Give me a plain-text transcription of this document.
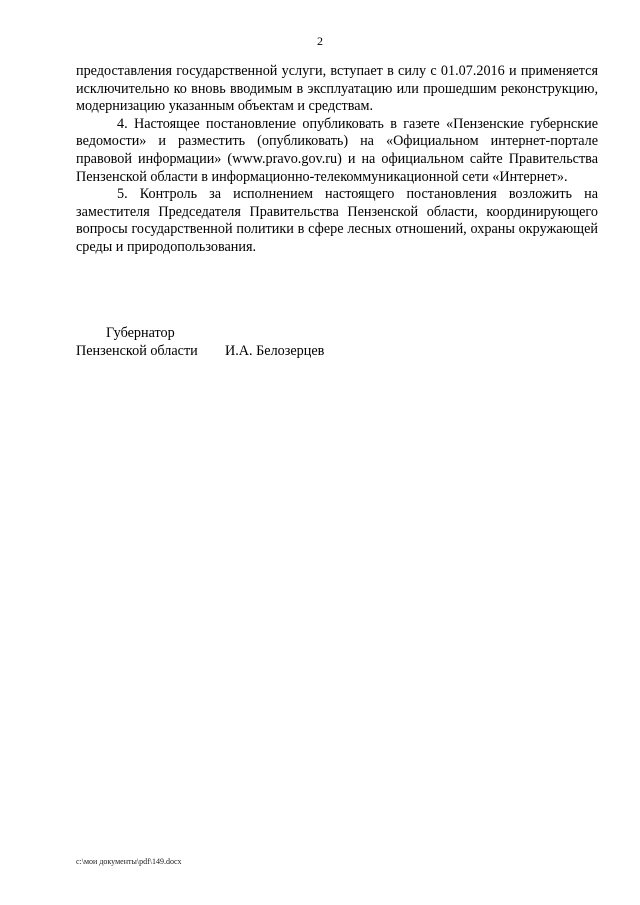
2

предоставления государственной услуги, вступает в силу с 01.07.2016 и применяется исключительно ко вновь вводимым в эксплуатацию или прошедшим реконструкцию, модернизацию указанным объектам и средствам.

4. Настоящее постановление опубликовать в газете «Пензенские губернские ведомости» и разместить (опубликовать) на «Официальном интернет-портале правовой информации» (www.pravo.gov.ru) и на официальном сайте Правительства Пензенской области в информационно-телекоммуникационной сети «Интернет».

5. Контроль за исполнением настоящего постановления возложить на заместителя Председателя Правительства Пензенской области, координирующего вопросы государственной политики в сфере лесных отношений, охраны окружающей среды и природопользования.

Губернатор
Пензенской области И.А. Белозерцев
c:\мои документы\pdf\149.docx
